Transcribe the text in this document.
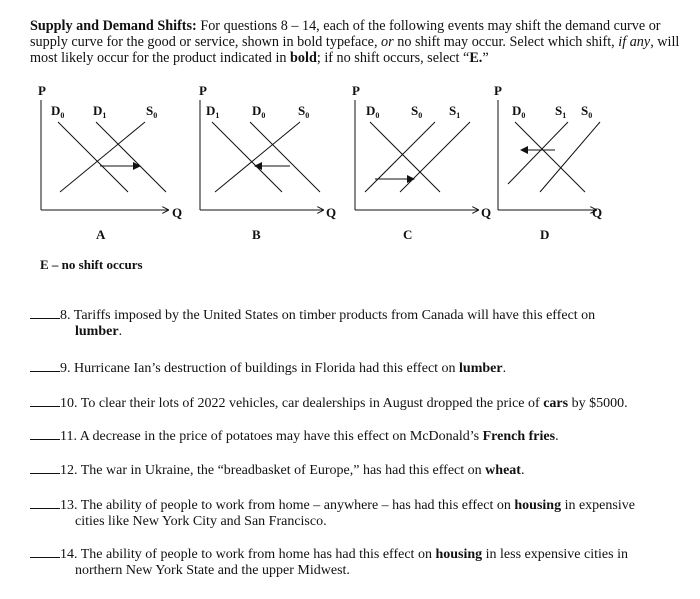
Supply and Demand Shifts: For questions 8 – 14, each of the following events may shift the demand curve or supply curve for the good or service, shown in bold typeface, or no shift may occur. Select which shift, if any, will most likely occur for the product indicated in bold; if no shift occurs, select “E.”
P
Q
$D_0$ $D_1$	$S_0$
A
P
Q
$D_1$	$D_0$	$S_0$
B
P
Q
$D_0$ $S_0$ $S_1$
C
P
Q
$D_0$ $S_1$ $S_0$
D
E – no shift occurs
8. Tariffs imposed by the United States on timber products from Canada will have this effect on
lumber.
9. Hurricane Ian’s destruction of buildings in Florida had this effect on lumber.
10. To clear their lots of 2022 vehicles, car dealerships in August dropped the price of cars by $5000.
11. A decrease in the price of potatoes may have this effect on McDonald’s French fries.
12. The war in Ukraine, the “breadbasket of Europe,” has had this effect on wheat.
13. The ability of people to work from home – anywhere – has had this effect on housing in expensive
cities like New York City and San Francisco.
14. The ability of people to work from home has had this effect on housing in less expensive cities in
northern New York State and the upper Midwest.
